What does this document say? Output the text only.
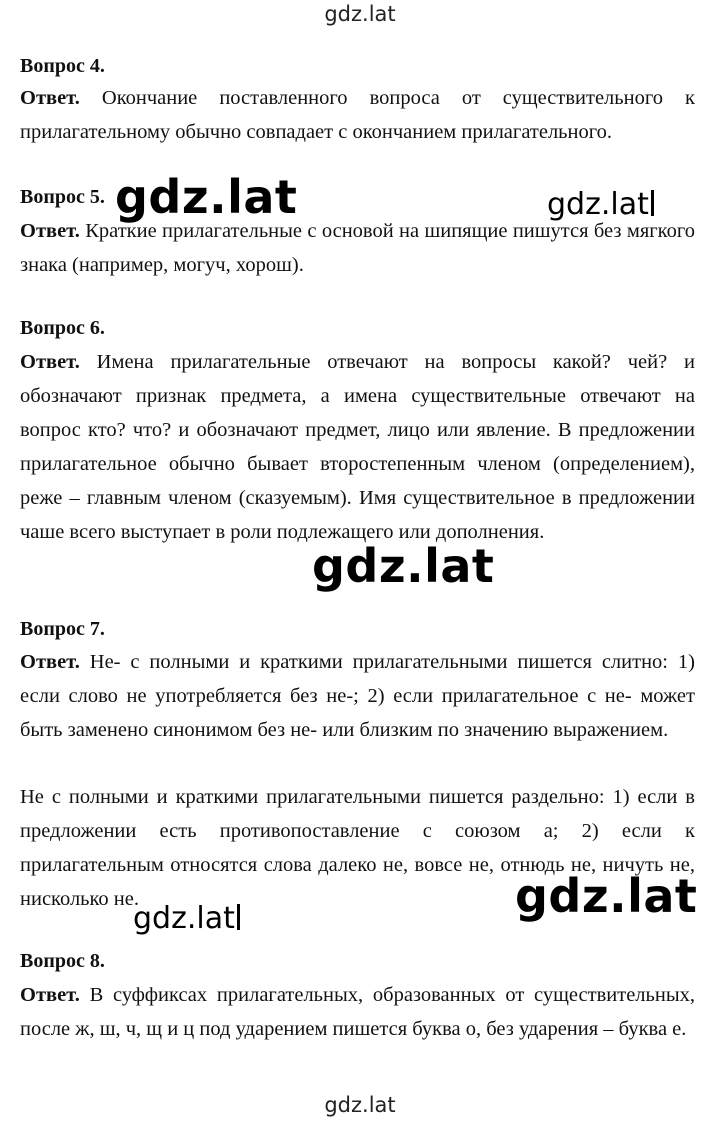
gdz.lat
Вопрос 4.

Ответ. Окончание поставленного вопроса от существительного к прилагательному обычно совпадает с окончанием прилагательного.

Вопрос 5.

Ответ. Краткие прилагательные с основой на шипящие пишутся без мягкого знака (например, могуч, хорош).

Вопрос 6.

Ответ. Имена прилагательные отвечают на вопросы какой? чей? и обозначают признак предмета, а имена существительные отвечают на вопрос кто? что? и обозначают предмет, лицо или явление. В предложении прилагательное обычно бывает второстепенным членом (определением), реже – главным членом (сказуемым). Имя существительное в предложении чаше всего выступает в роли подлежащего или дополнения.

Вопрос 7.

Ответ. Не- с полными и краткими прилагательными пишется слитно: 1) если слово не употребляется без не-; 2) если прилагательное с не- может быть заменено синонимом без не- или близким по значению выражением.

Не с полными и краткими прилагательными пишется раздельно: 1) если в предложении есть противопоставление с союзом а; 2) если к прилагательным относятся слова далеко не, вовсе не, отнюдь не, ничуть не, нисколько не.

Вопрос 8.

Ответ. В суффиксах прилагательных, образованных от существительных, после ж, ш, ч, щ и ц под ударением пишется буква о, без ударения – буква е.

gdz.lat	gdz.lat
gdz.lat
gdz.lat
gdz.lat
gdz.lat
